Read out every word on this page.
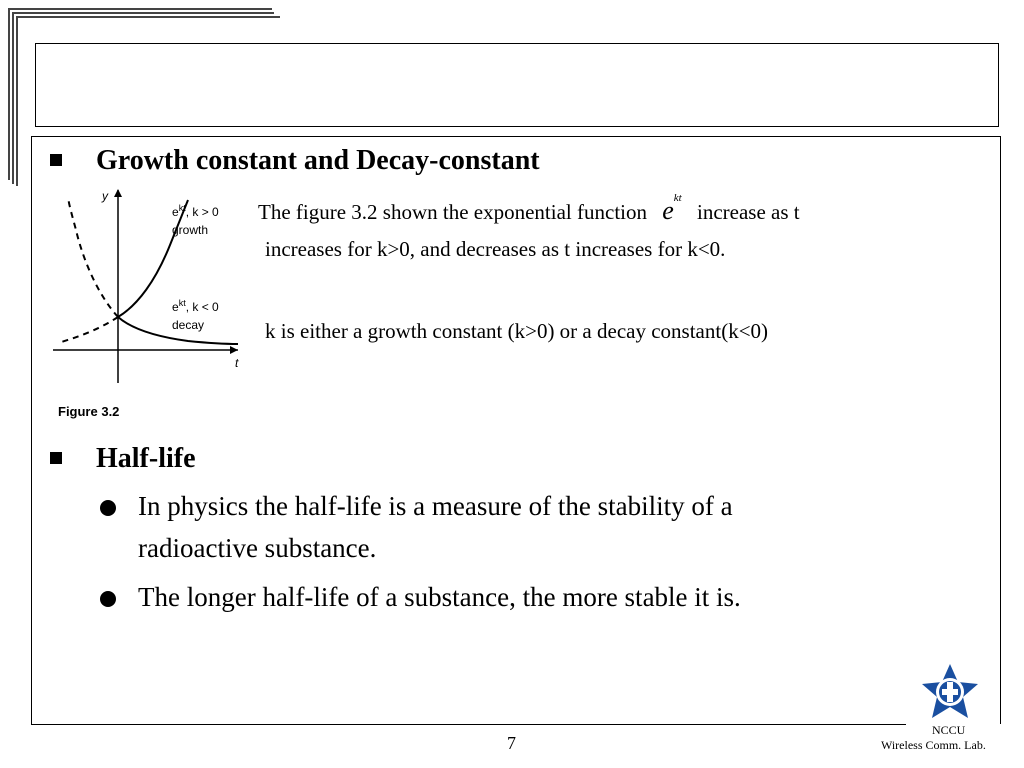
Growth constant and Decay-constant
y
t
$e^{kt}$, k > 0
growth
$e^{kt}$, k < 0
decay
Figure 3.2
The figure 3.2 shown the exponential function $e^{kt}$ increase as t
increases for k>0, and decreases as t increases for k<0.
k is either a growth constant (k>0) or a decay constant(k<0)
Half-life
In physics the half-life is a measure of the stability of a
radioactive substance.
The longer half-life of a substance, the more stable it is.
7
NCCU
Wireless Comm. Lab.
